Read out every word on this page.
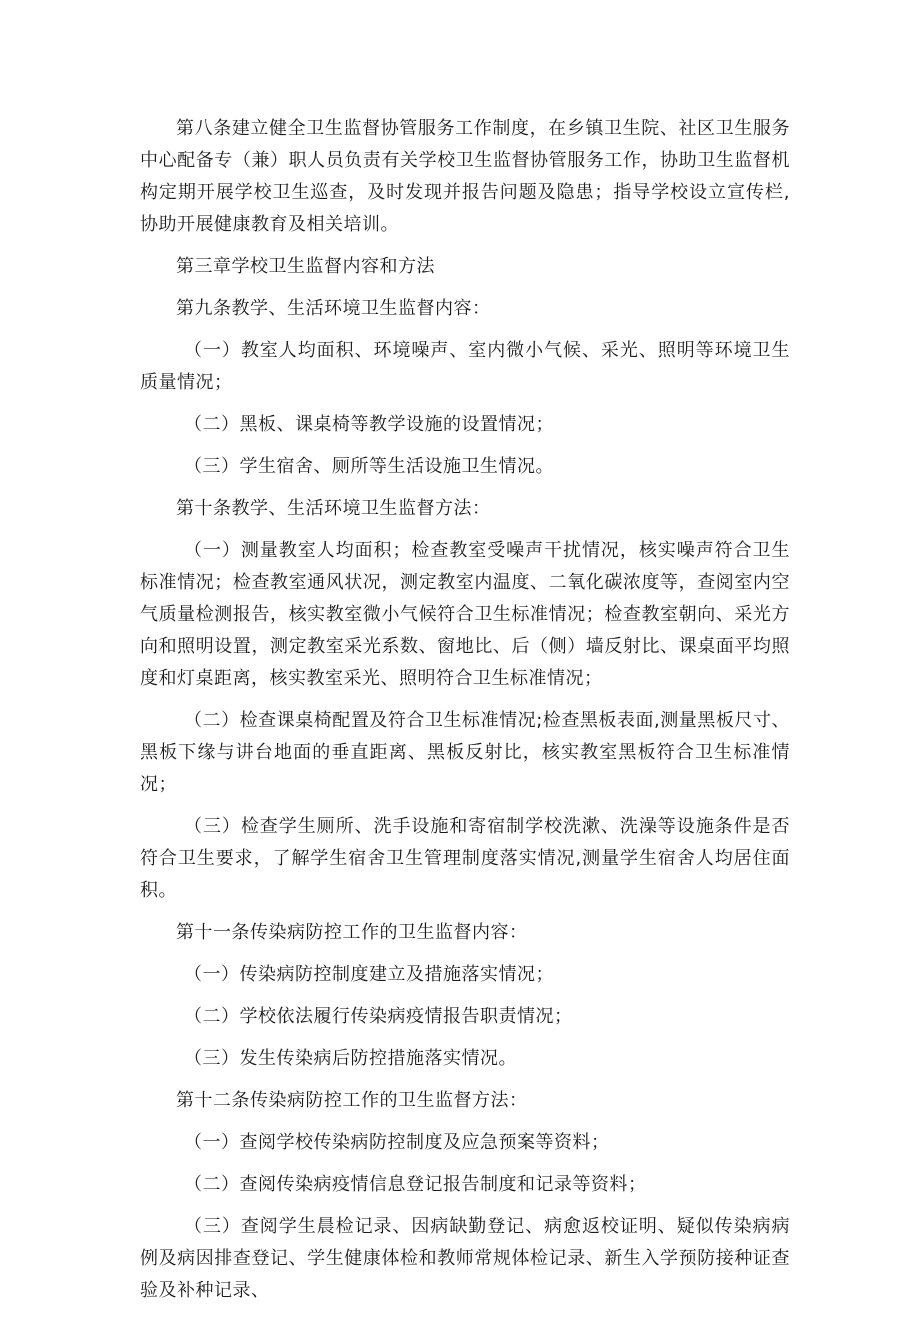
第八条建立健全卫生监督协管服务工作制度，在乡镇卫生院、社区卫生服务中心配备专（兼）职人员负责有关学校卫生监督协管服务工作，协助卫生监督机构定期开展学校卫生巡查，及时发现并报告问题及隐患；指导学校设立宣传栏,协助开展健康教育及相关培训。

第三章学校卫生监督内容和方法

第九条教学、生活环境卫生监督内容：

（一）教室人均面积、环境噪声、室内微小气候、采光、照明等环境卫生质量情况；

（二）黑板、课桌椅等教学设施的设置情况；

（三）学生宿舍、厕所等生活设施卫生情况。

第十条教学、生活环境卫生监督方法：

（一）测量教室人均面积；检查教室受噪声干扰情况，核实噪声符合卫生标准情况；检查教室通风状况，测定教室内温度、二氧化碳浓度等，查阅室内空气质量检测报告，核实教室微小气候符合卫生标准情况；检查教室朝向、采光方向和照明设置，测定教室采光系数、窗地比、后（侧）墙反射比、课桌面平均照度和灯桌距离，核实教室采光、照明符合卫生标准情况；

（二）检查课桌椅配置及符合卫生标准情况;检查黑板表面,测量黑板尺寸、黑板下缘与讲台地面的垂直距离、黑板反射比，核实教室黑板符合卫生标准情况；

（三）检查学生厕所、洗手设施和寄宿制学校洗漱、洗澡等设施条件是否符合卫生要求，了解学生宿舍卫生管理制度落实情况,测量学生宿舍人均居住面积。

第十一条传染病防控工作的卫生监督内容：

（一）传染病防控制度建立及措施落实情况；

（二）学校依法履行传染病疫情报告职责情况；

（三）发生传染病后防控措施落实情况。

第十二条传染病防控工作的卫生监督方法：

（一）查阅学校传染病防控制度及应急预案等资料；

（二）查阅传染病疫情信息登记报告制度和记录等资料；

（三）查阅学生晨检记录、因病缺勤登记、病愈返校证明、疑似传染病病例及病因排查登记、学生健康体检和教师常规体检记录、新生入学预防接种证查验及补种记录、
